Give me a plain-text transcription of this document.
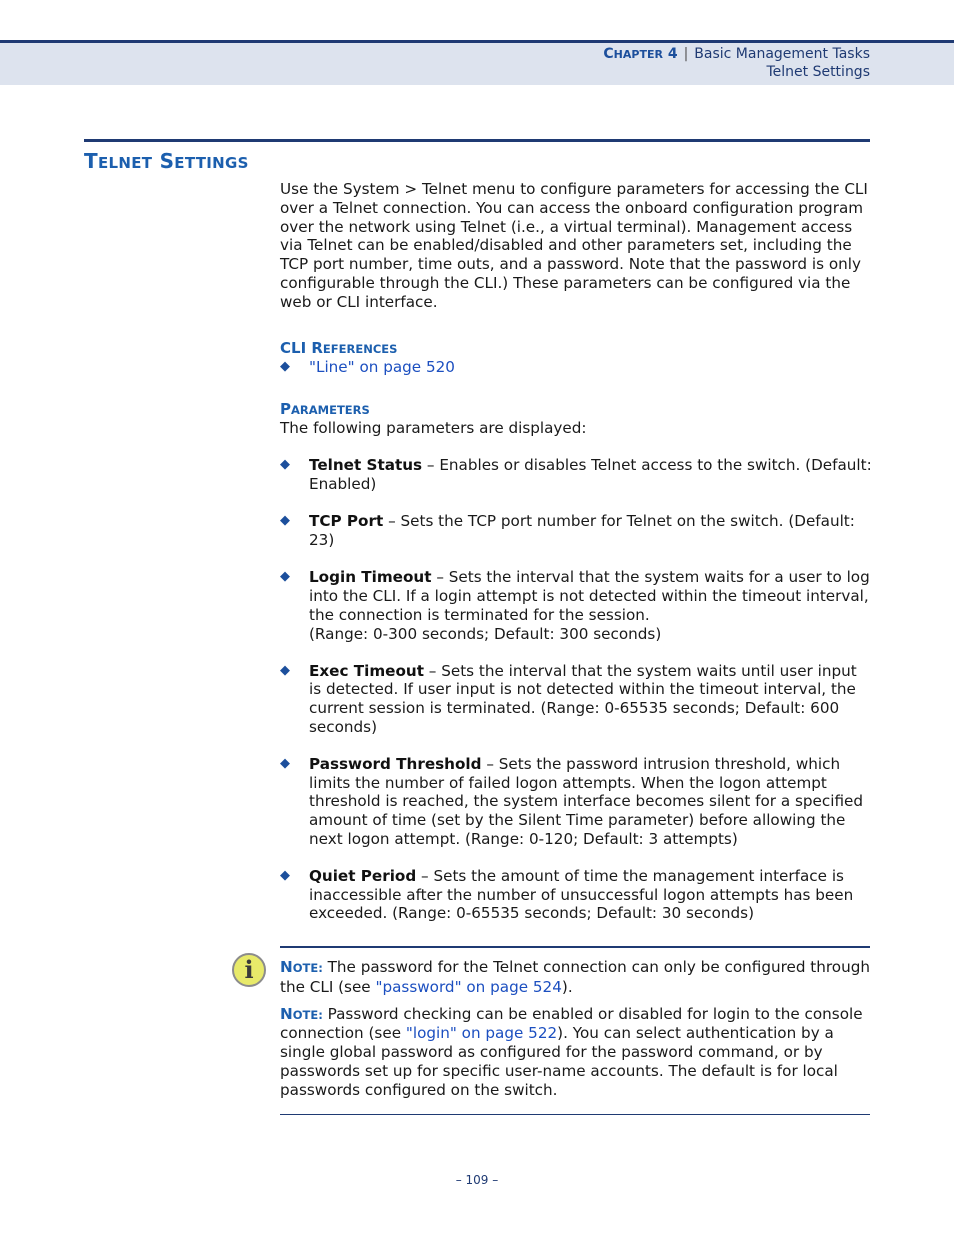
CHAPTER 4 | Basic Management Tasks
Telnet Settings
TELNET SETTINGS

Use the System > Telnet menu to configure parameters for accessing the CLI over a Telnet connection. You can access the onboard configuration program over the network using Telnet (i.e., a virtual terminal). Management access via Telnet can be enabled/disabled and other parameters set, including the TCP port number, time outs, and a password. Note that the password is only configurable through the CLI.) These parameters can be configured via the web or CLI interface.

CLI REFERENCES
◆ "Line" on page 520
PARAMETERS

The following parameters are displayed:

◆ Telnet Status – Enables or disables Telnet access to the switch. (Default: Enabled)
◆ TCP Port – Sets the TCP port number for Telnet on the switch. (Default: 23)
◆ Login Timeout – Sets the interval that the system waits for a user to log into the CLI. If a login attempt is not detected within the timeout interval, the connection is terminated for the session.
(Range: 0-300 seconds; Default: 300 seconds)
◆ Exec Timeout – Sets the interval that the system waits until user input is detected. If user input is not detected within the timeout interval, the current session is terminated. (Range: 0-65535 seconds; Default: 600 seconds)
◆ Password Threshold – Sets the password intrusion threshold, which limits the number of failed logon attempts. When the logon attempt threshold is reached, the system interface becomes silent for a specified amount of time (set by the Silent Time parameter) before allowing the next logon attempt. (Range: 0-120; Default: 3 attempts)
◆ Quiet Period – Sets the amount of time the management interface is inaccessible after the number of unsuccessful logon attempts has been exceeded. (Range: 0-65535 seconds; Default: 30 seconds)
i NOTE: The password for the Telnet connection can only be configured through the CLI (see "password" on page 524).

NOTE: Password checking can be enabled or disabled for login to the console connection (see "login" on page 522). You can select authentication by a single global password as configured for the password command, or by passwords set up for specific user-name accounts. The default is for local passwords configured on the switch.

– 109 –
